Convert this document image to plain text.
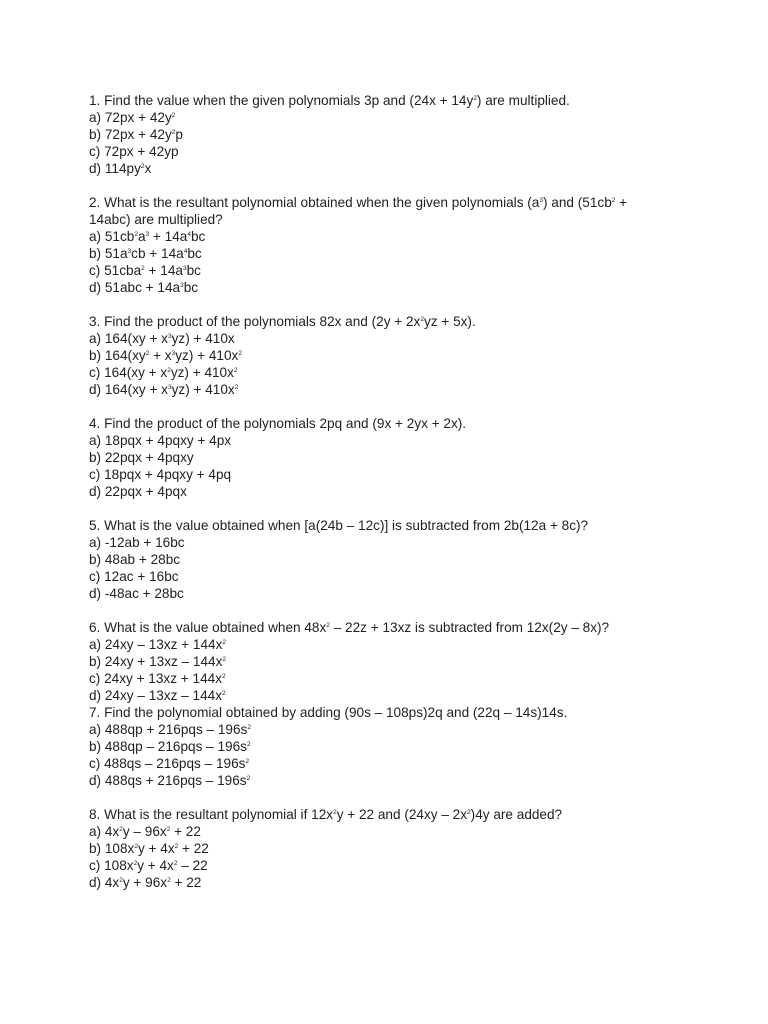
1. Find the value when the given polynomials 3p and $(24x + 14y^2)$ are multiplied.
a) $72px + 42y^2$
b) $72px + 42y^2p$
c) 72px + 42yp
d) $114py^2x$
2. What is the resultant polynomial obtained when the given polynomials $(a^3)$ and ($51cb^2$ +
14abc) are multiplied?
a) $51cb^2a^3 + 14a^4bc$
b) $51a^3cb + 14a^4bc$
c) $51cba^2 + 14a^3bc$
d) $51abc + 14a^3bc$
3. Find the product of the polynomials 82x and $(2y + 2x^2yz + 5x)$.
a) $164(xy + x^3yz) + 410x$
b) $164(xy^2 + x^3yz) + 410x^2$
c) $164(xy + x^2yz) + 410x^2$
d) $164(xy + x^3yz) + 410x^2$
4. Find the product of the polynomials 2pq and (9x + 2yx + 2x).
a) 18pqx + 4pqxy + 4px
b) 22pqx + 4pqxy
c) 18pqx + 4pqxy + 4pq
d) 22pqx + 4pqx
5. What is the value obtained when [a(24b – 12c)] is subtracted from 2b(12a + 8c)?
a) -12ab + 16bc
b) 48ab + 28bc
c) 12ac + 16bc
d) -48ac + 28bc
6. What is the value obtained when $48x^2 - 22z + 13xz$ is subtracted from 12x(2y – 8x)?
a) $24xy - 13xz + 144x^2$
b) $24xy + 13xz - 144x^2$
c) $24xy + 13xz + 144x^2$
d) $24xy - 13xz - 144x^2$
7. Find the polynomial obtained by adding (90s – 108ps)2q and (22q – 14s)14s.
a) $488qp + 216pqs - 196s^2$
b) $488qp - 216pqs - 196s^2$
c) $488qs - 216pqs - 196s^2$
d) $488qs + 216pqs - 196s^2$
8. What is the resultant polynomial if $12x^2y + 22$ and $(24xy - 2x^2)4y$ are added?
a) $4x^2y - 96x^2 + 22$
b) $108x^2y + 4x^2 + 22$
c) $108x^2y + 4x^2 - 22$
d) $4x^2y + 96x^2 + 22$
